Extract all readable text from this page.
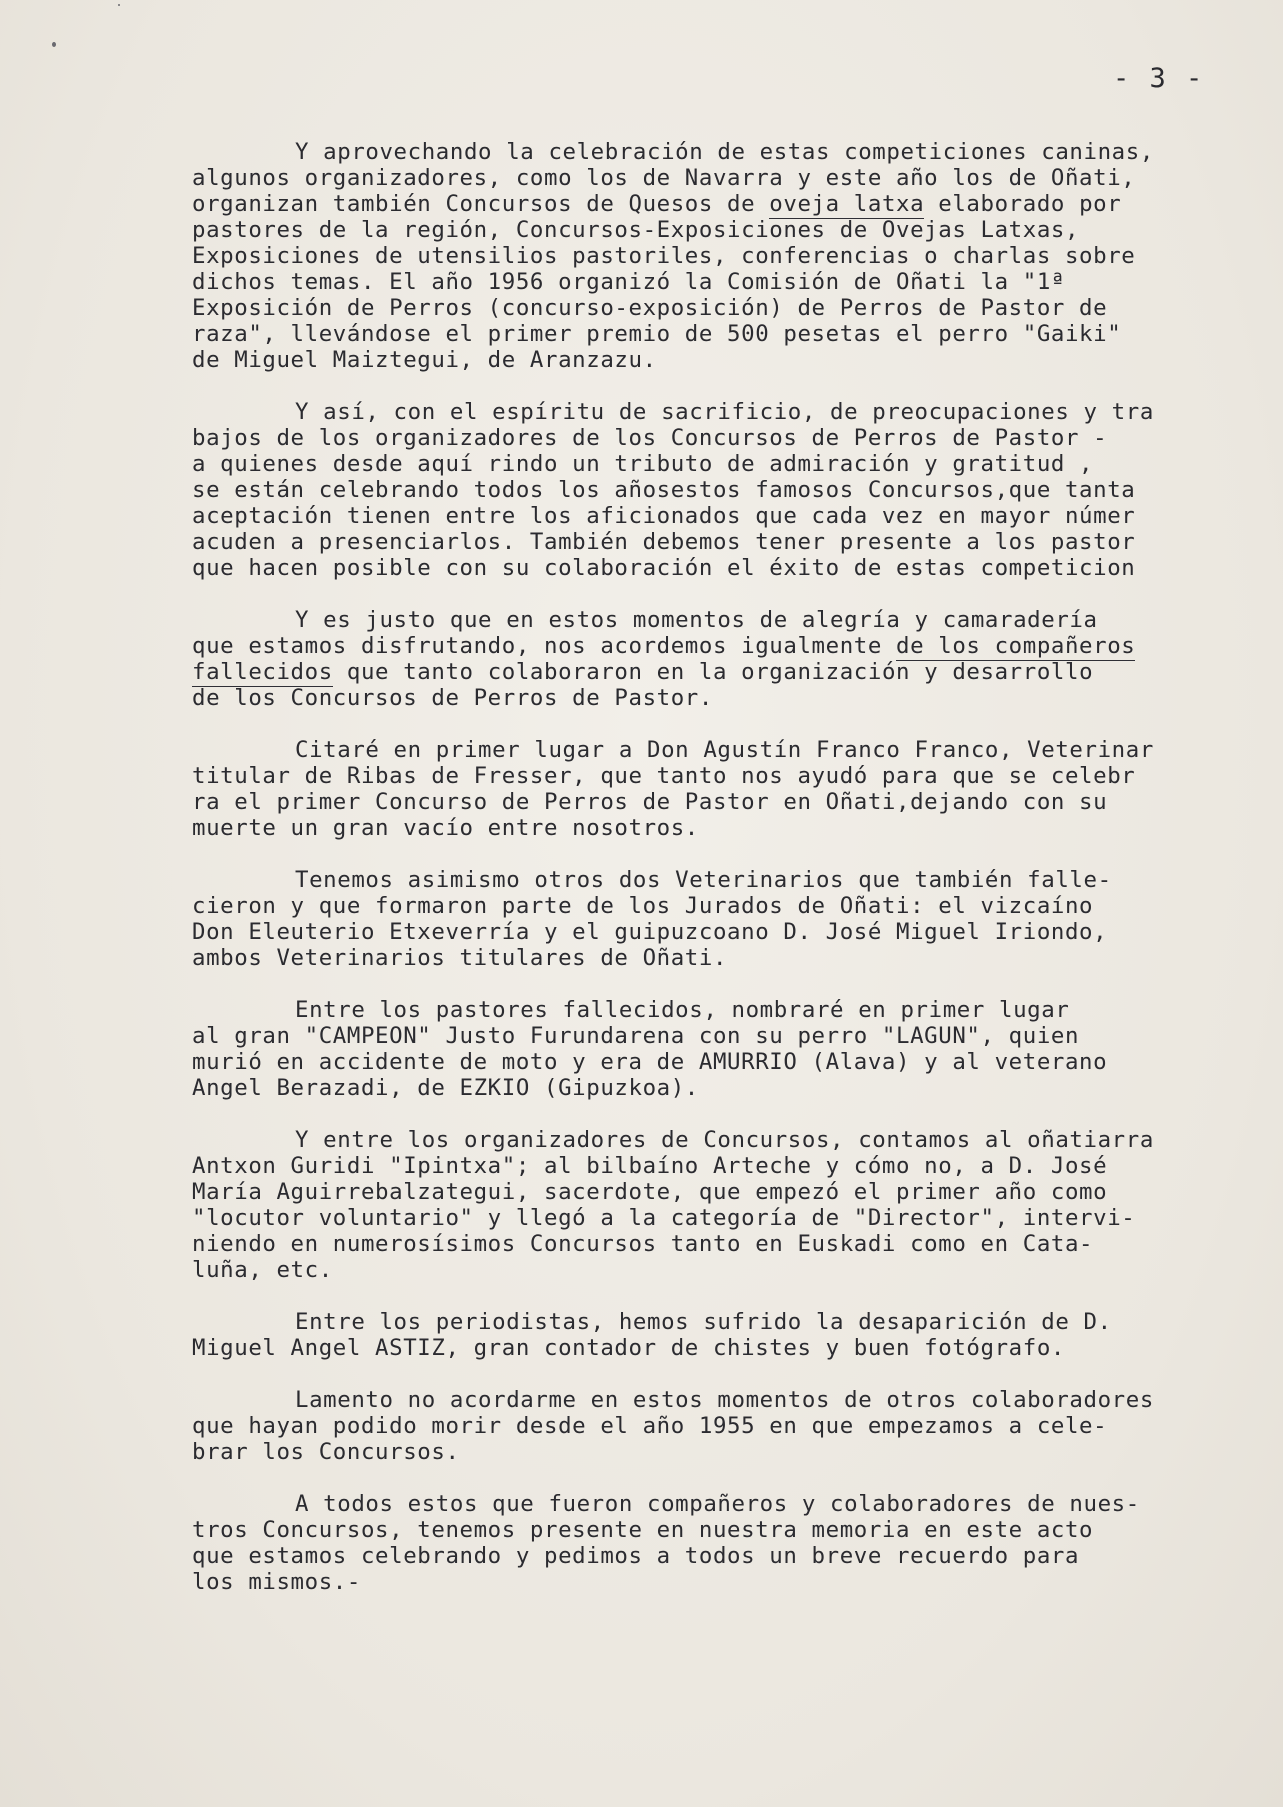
- 3 -

Y aprovechando la celebración de estas competiciones caninas,
algunos organizadores, como los de Navarra y este año los de Oñati,
organizan también Concursos de Quesos de oveja latxa elaborado por
pastores de la región, Concursos-Exposiciones de Ovejas Latxas,
Exposiciones de utensilios pastoriles, conferencias o charlas sobre
dichos temas. El año 1956 organizó la Comisión de Oñati la "1ª
Exposición de Perros (concurso-exposición) de Perros de Pastor de
raza", llevándose el primer premio de 500 pesetas el perro "Gaiki"
de Miguel Maiztegui, de Aranzazu.
Y así, con el espíritu de sacrificio, de preocupaciones y tra
bajos de los organizadores de los Concursos de Perros de Pastor -
a quienes desde aquí rindo un tributo de admiración y gratitud ,
se están celebrando todos los añosestos famosos Concursos,que tanta
aceptación tienen entre los aficionados que cada vez en mayor númer
acuden a presenciarlos. También debemos tener presente a los pastor
que hacen posible con su colaboración el éxito de estas competicion
Y es justo que en estos momentos de alegría y camaradería
que estamos disfrutando, nos acordemos igualmente de los compañeros
fallecidos que tanto colaboraron en la organización y desarrollo
de los Concursos de Perros de Pastor.
Citaré en primer lugar a Don Agustín Franco Franco, Veterinar
titular de Ribas de Fresser, que tanto nos ayudó para que se celebr
ra el primer Concurso de Perros de Pastor en Oñati,dejando con su
muerte un gran vacío entre nosotros.
Tenemos asimismo otros dos Veterinarios que también falle-
cieron y que formaron parte de los Jurados de Oñati: el vizcaíno
Don Eleuterio Etxeverría y el guipuzcoano D. José Miguel Iriondo,
ambos Veterinarios titulares de Oñati.
Entre los pastores fallecidos, nombraré en primer lugar
al gran "CAMPEON" Justo Furundarena con su perro "LAGUN", quien
murió en accidente de moto y era de AMURRIO (Alava) y al veterano
Angel Berazadi, de EZKIO (Gipuzkoa).
Y entre los organizadores de Concursos, contamos al oñatiarra
Antxon Guridi "Ipintxa"; al bilbaíno Arteche y cómo no, a D. José
María Aguirrebalzategui, sacerdote, que empezó el primer año como
"locutor voluntario" y llegó a la categoría de "Director", intervi-
niendo en numerosísimos Concursos tanto en Euskadi como en Cata-
luña, etc.
Entre los periodistas, hemos sufrido la desaparición de D.
Miguel Angel ASTIZ, gran contador de chistes y buen fotógrafo.
Lamento no acordarme en estos momentos de otros colaboradores
que hayan podido morir desde el año 1955 en que empezamos a cele-
brar los Concursos.
A todos estos que fueron compañeros y colaboradores de nues-
tros Concursos, tenemos presente en nuestra memoria en este acto
que estamos celebrando y pedimos a todos un breve recuerdo para
los mismos.-
